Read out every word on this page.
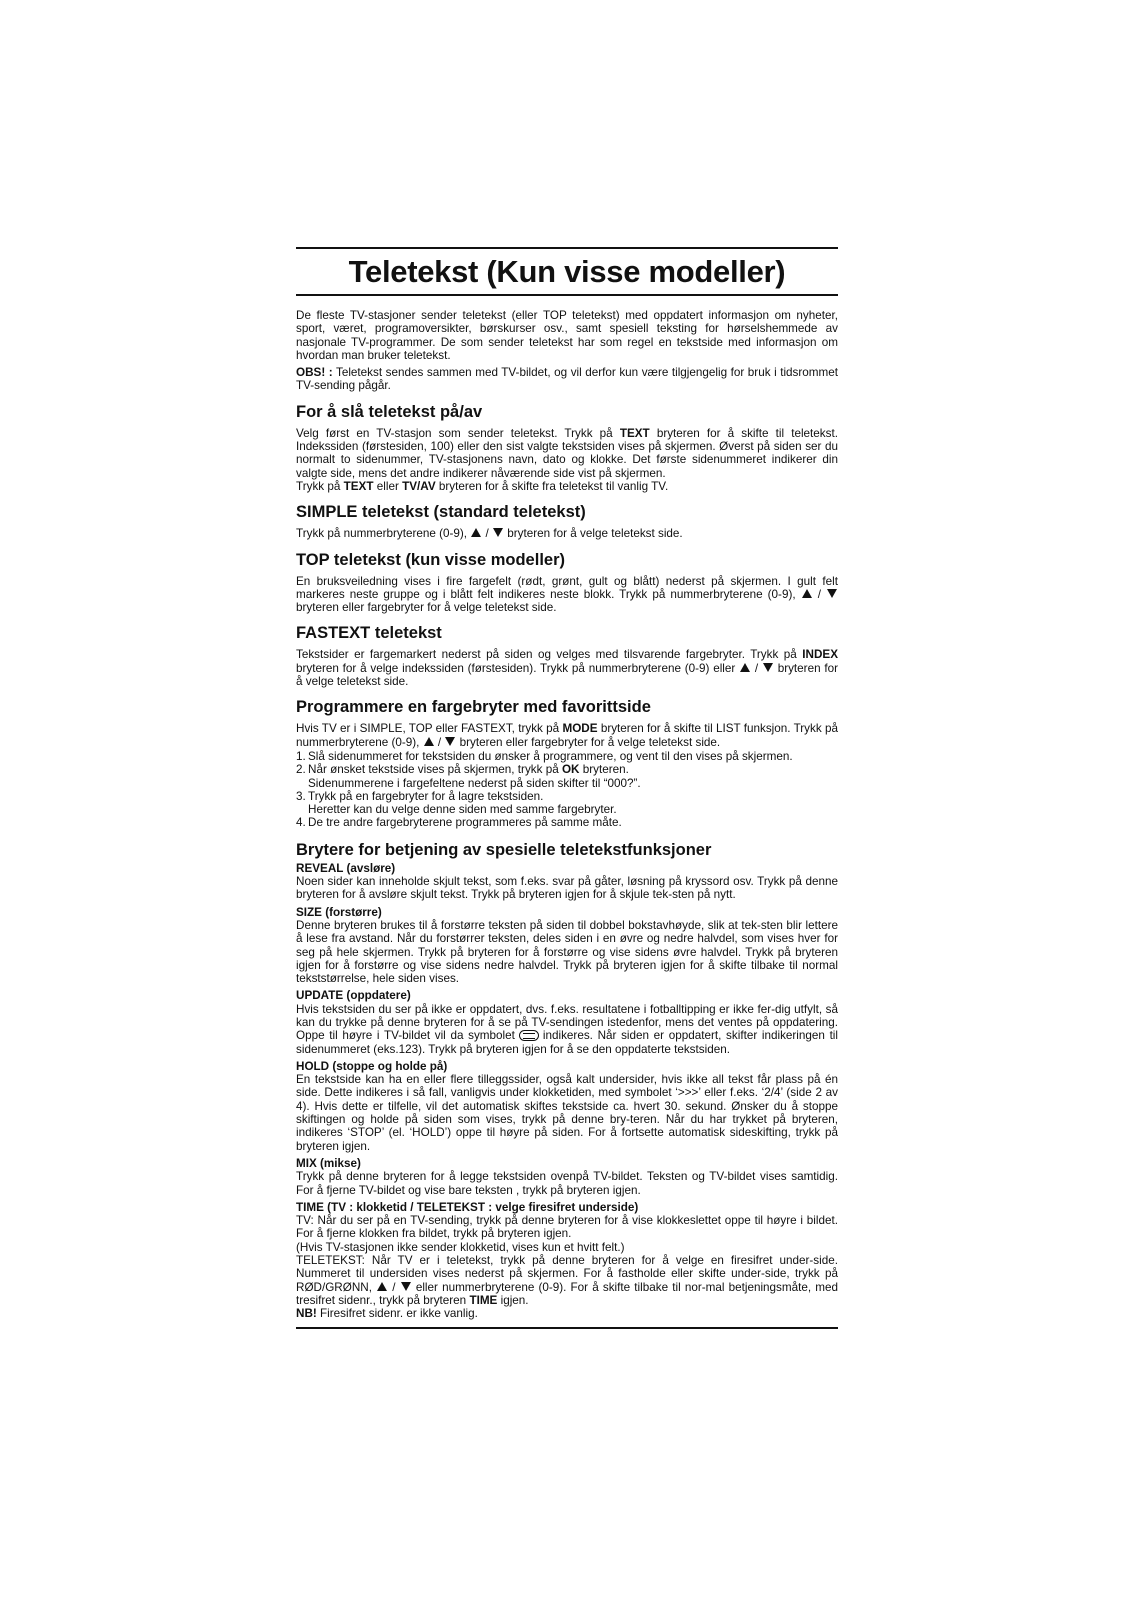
Teletekst (Kun visse modeller)

De fleste TV-stasjoner sender teletekst (eller TOP teletekst) med oppdatert informasjon om nyheter, sport, været, programoversikter, børskurser osv., samt spesiell teksting for hørselshemmede av nasjonale TV-programmer. De som sender teletekst har som regel en tekstside med informasjon om hvordan man bruker teletekst.

OBS! : Teletekst sendes sammen med TV-bildet, og vil derfor kun være tilgjengelig for bruk i tidsrommet TV-sending pågår.

For å slå teletekst på/av

Velg først en TV-stasjon som sender teletekst. Trykk på TEXT bryteren for å skifte til teletekst. Indekssiden (førstesiden, 100) eller den sist valgte tekstsiden vises på skjermen. Øverst på siden ser du normalt to sidenummer, TV-stasjonens navn, dato og klokke. Det første sidenummeret indikerer din valgte side, mens det andre indikerer nåværende side vist på skjermen.

Trykk på TEXT eller TV/AV bryteren for å skifte fra teletekst til vanlig TV.

SIMPLE teletekst (standard teletekst)

Trykk på nummerbryterene (0-9),  /  bryteren for å velge teletekst side.

TOP teletekst (kun visse modeller)

En bruksveiledning vises i fire fargefelt (rødt, grønt, gult og blått) nederst på skjermen. I gult felt markeres neste gruppe og i blått felt indikeres neste blokk. Trykk på nummerbryterene (0-9),  /  bryteren eller fargebryter for å velge teletekst side.

FASTEXT teletekst

Tekstsider er fargemarkert nederst på siden og velges med tilsvarende fargebryter. Trykk på INDEX bryteren for å velge indekssiden (førstesiden). Trykk på nummerbryterene (0-9) eller  /  bryteren for å velge teletekst side.

Programmere en fargebryter med favorittside

Hvis TV er i SIMPLE, TOP eller FASTEXT, trykk på MODE bryteren for å skifte til LIST funksjon. Trykk på nummerbryterene (0-9),  /  bryteren eller fargebryter for å velge teletekst side.

1. Slå sidenummeret for tekstsiden du ønsker å programmere, og vent til den vises på skjermen.
2. Når ønsket tekstside vises på skjermen, trykk på OK bryteren.
Sidenummerene i fargefeltene nederst på siden skifter til “000?”.
3. Trykk på en fargebryter for å lagre tekstsiden.
Heretter kan du velge denne siden med samme fargebryter.
4. De tre andre fargebryterene programmeres på samme måte.
Brytere for betjening av spesielle teletekstfunksjoner
REVEAL (avsløre)

Noen sider kan inneholde skjult tekst, som f.eks. svar på gåter, løsning på kryssord osv. Trykk på denne bryteren for å avsløre skjult tekst. Trykk på bryteren igjen for å skjule tek-sten på nytt.

SIZE (forstørre)

Denne bryteren brukes til å forstørre teksten på siden til dobbel bokstavhøyde, slik at tek-sten blir lettere å lese fra avstand. Når du forstørrer teksten, deles siden i en øvre og nedre halvdel, som vises hver for seg på hele skjermen. Trykk på bryteren for å forstørre og vise sidens øvre halvdel. Trykk på bryteren igjen for å forstørre og vise sidens nedre halvdel. Trykk på bryteren igjen for å skifte tilbake til normal tekststørrelse, hele siden vises.

UPDATE (oppdatere)

Hvis tekstsiden du ser på ikke er oppdatert, dvs. f.eks. resultatene i fotballtipping er ikke fer-dig utfylt, så kan du trykke på denne bryteren for å se på TV-sendingen istedenfor, mens det ventes på oppdatering. Oppe til høyre i TV-bildet vil da symbolet indikeres. Når siden er oppdatert, skifter indikeringen til sidenummeret (eks.123). Trykk på bryteren igjen for å se den oppdaterte tekstsiden.

HOLD (stoppe og holde på)

En tekstside kan ha en eller flere tilleggssider, også kalt undersider, hvis ikke all tekst får plass på én side. Dette indikeres i så fall, vanligvis under klokketiden, med symbolet ‘>>>’ eller f.eks. ‘2/4’ (side 2 av 4). Hvis dette er tilfelle, vil det automatisk skiftes tekstside ca. hvert 30. sekund. Ønsker du å stoppe skiftingen og holde på siden som vises, trykk på denne bry-teren. Når du har trykket på bryteren, indikeres ‘STOP’ (el. ‘HOLD’) oppe til høyre på siden. For å fortsette automatisk sideskifting, trykk på bryteren igjen.

MIX (mikse)

Trykk på denne bryteren for å legge tekstsiden ovenpå TV-bildet. Teksten og TV-bildet vises samtidig. For å fjerne TV-bildet og vise bare teksten , trykk på bryteren igjen.

TIME (TV : klokketid / TELETEKST : velge firesifret underside)

TV: Når du ser på en TV-sending, trykk på denne bryteren for å vise klokkeslettet oppe til høyre i bildet. For å fjerne klokken fra bildet, trykk på bryteren igjen.

(Hvis TV-stasjonen ikke sender klokketid, vises kun et hvitt felt.)

TELETEKST: Når TV er i teletekst, trykk på denne bryteren for å velge en firesifret under-side. Nummeret til undersiden vises nederst på skjermen. For å fastholde eller skifte under-side, trykk på RØD/GRØNN,  /  eller nummerbryterene (0-9). For å skifte tilbake til nor-mal betjeningsmåte, med tresifret sidenr., trykk på bryteren TIME igjen.

NB! Firesifret sidenr. er ikke vanlig.
